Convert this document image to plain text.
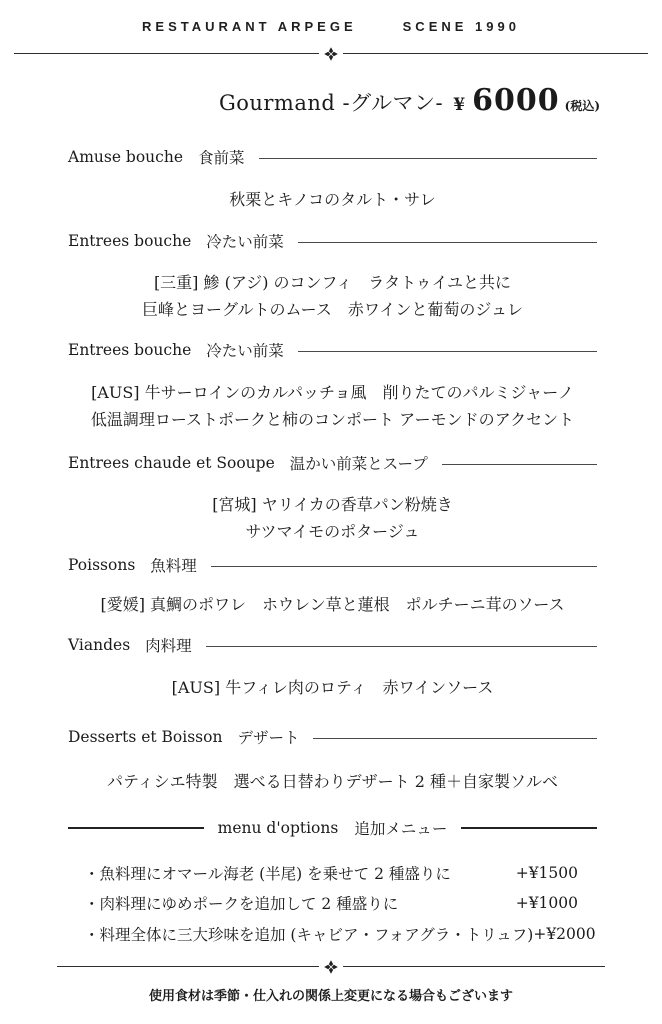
RESTAURANT ARPEGE	SCENE 1990
Gourmand -グルマン- ¥ 6000 (税込)
Amuse bouche 食前菜
秋栗とキノコのタルト・サレ
Entrees bouche 冷たい前菜
[三重] 鯵 (アジ) のコンフィ　ラタトゥイユと共に
巨峰とヨーグルトのムース　赤ワインと葡萄のジュレ
Entrees bouche 冷たい前菜
[AUS] 牛サーロインのカルパッチョ風　削りたてのパルミジャーノ
低温調理ローストポークと柿のコンポート アーモンドのアクセント
Entrees chaude et Sooupe 温かい前菜とスープ
[宮城] ヤリイカの香草パン粉焼き
サツマイモのポタージュ
Poissons 魚料理
[愛媛] 真鯛のポワレ　ホウレン草と蓮根　ポルチーニ茸のソース
Viandes 肉料理
[AUS] 牛フィレ肉のロティ　赤ワインソース
Desserts et Boisson デザート
パティシエ特製　選べる日替わりデザート 2 種＋自家製ソルベ
menu d'options 追加メニュー
・魚料理にオマール海老 (半尾) を乗せて 2 種盛りに	+¥1500
・肉料理にゆめポークを追加して 2 種盛りに	+¥1000
・料理全体に三大珍味を追加 (キャビア・フォアグラ・トリュフ) +¥2000
使用食材は季節・仕入れの関係上変更になる場合もございます
